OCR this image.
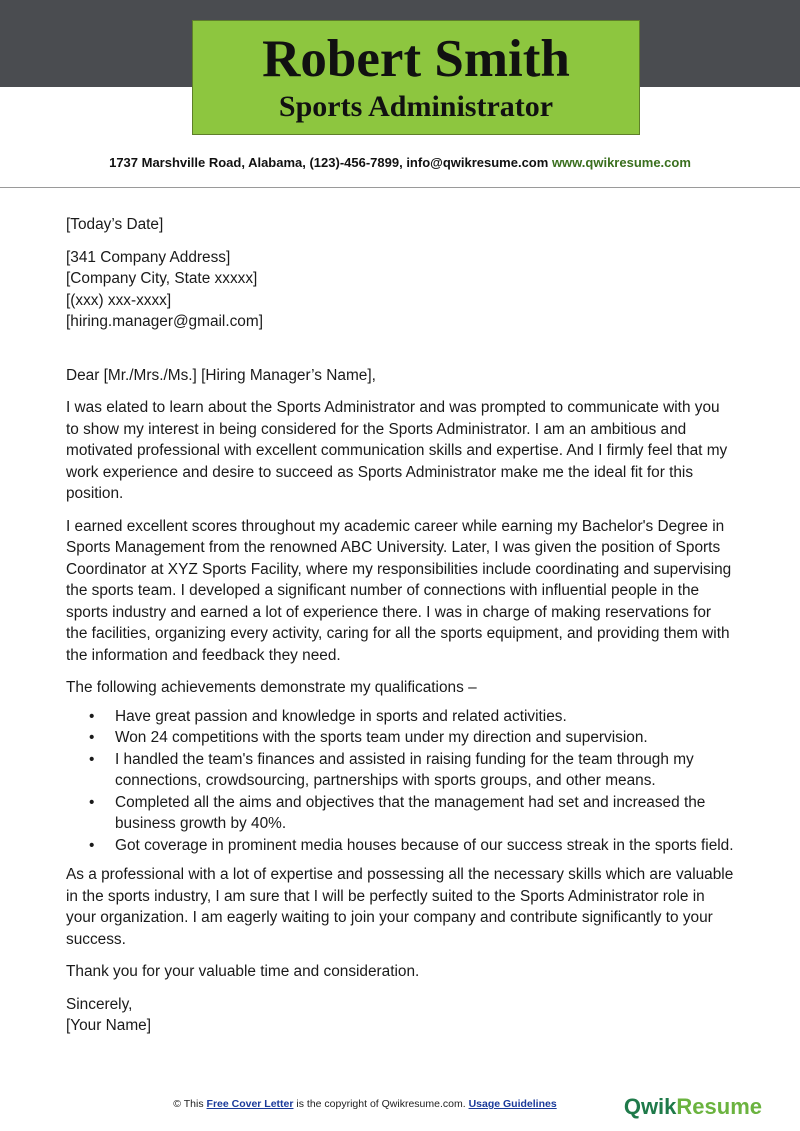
Robert Smith
Sports Administrator
1737 Marshville Road, Alabama, (123)-456-7899, info@qwikresume.com www.qwikresume.com

[Today’s Date]

[341 Company Address]

[Company City, State xxxxx]

[(xxx) xxx-xxxx]

[hiring.manager@gmail.com]

Dear [Mr./Mrs./Ms.] [Hiring Manager’s Name],

I was elated to learn about the Sports Administrator and was prompted to communicate with you to show my interest in being considered for the Sports Administrator. I am an ambitious and motivated professional with excellent communication skills and expertise. And I firmly feel that my work experience and desire to succeed as Sports Administrator make me the ideal fit for this position.

I earned excellent scores throughout my academic career while earning my Bachelor's Degree in Sports Management from the renowned ABC University. Later, I was given the position of Sports Coordinator at XYZ Sports Facility, where my responsibilities include coordinating and supervising the sports team. I developed a significant number of connections with influential people in the sports industry and earned a lot of experience there. I was in charge of making reservations for the facilities, organizing every activity, caring for all the sports equipment, and providing them with the information and feedback they need.

The following achievements demonstrate my qualifications –

• Have great passion and knowledge in sports and related activities.
• Won 24 competitions with the sports team under my direction and supervision.
• I handled the team's finances and assisted in raising funding for the team through my connections, crowdsourcing, partnerships with sports groups, and other means.
• Completed all the aims and objectives that the management had set and increased the business growth by 40%.
• Got coverage in prominent media houses because of our success streak in the sports field.

As a professional with a lot of expertise and possessing all the necessary skills which are valuable in the sports industry, I am sure that I will be perfectly suited to the Sports Administrator role in your organization. I am eagerly waiting to join your company and contribute significantly to your success.

Thank you for your valuable time and consideration.

Sincerely,

[Your Name]

© This Free Cover Letter is the copyright of Qwikresume.com. Usage Guidelines	QwikResume
